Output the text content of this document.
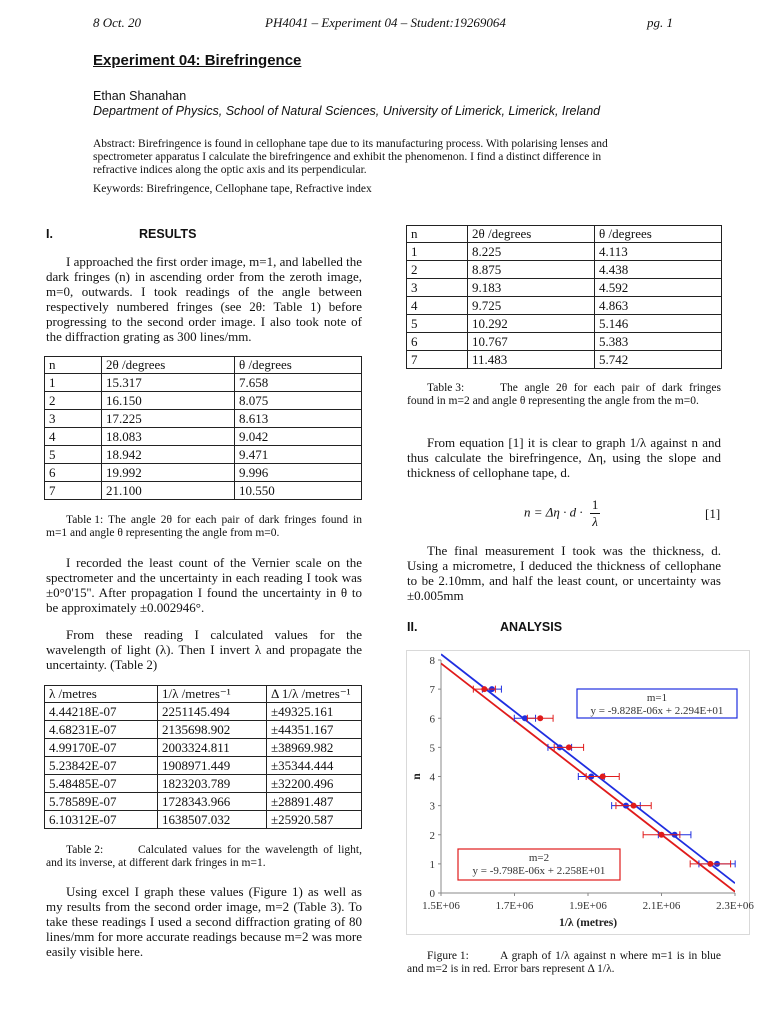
8 Oct. 20	PH4041 – Experiment 04 – Student:19269064	pg. 1
Experiment 04: Birefringence
Ethan Shanahan
Department of Physics, School of Natural Sciences, University of Limerick, Limerick, Ireland
Abstract: Birefringence is found in cellophane tape due to its manufacturing process. With polarising lenses and
spectrometer apparatus I calculate the birefringence and exhibit the phenomenon. I find a distinct difference in
refractive indices along the optic axis and its perpendicular.
Keywords: Birefringence, Cellophane tape, Refractive index
I.	RESULTS
I approached the first order image, m=1, and labelled the dark fringes (n) in ascending order from the zeroth image, m=0, outwards. I took readings of the angle between respectively numbered fringes (see 2θ: Table 1) before progressing to the second order image. I also took note of the diffraction grating as 300 lines/mm.
n	2θ /degrees	θ /degrees
1	15.317	7.658
2	16.150	8.075
3	17.225	8.613
4	18.083	9.042
5	18.942	9.471
6	19.992	9.996
7	21.100	10.550
Table 1: The angle 2θ for each pair of dark fringes found in m=1 and angle θ representing the angle from m=0.
I recorded the least count of the Vernier scale on the spectrometer and the uncertainty in each reading I took was ±0°0'15''. After propagation I found the uncertainty in θ to be approximately ±0.002946°.
From these reading I calculated values for the wavelength of light (λ). Then I invert λ and propagate the uncertainty. (Table 2)
λ /metres	1/λ /metres⁻¹	Δ 1/λ /metres⁻¹
4.44218E-07	2251145.494	±49325.161
4.68231E-07	2135698.902	±44351.167
4.99170E-07	2003324.811	±38969.982
5.23842E-07	1908971.449	±35344.444
5.48485E-07	1823203.789	±32200.496
5.78589E-07	1728343.966	±28891.487
6.10312E-07	1638507.032	±25920.587
Table 2:	Calculated values for the wavelength of light, and its inverse, at different dark fringes in m=1.
Using excel I graph these values (Figure 1) as well as my results from the second order image, m=2 (Table 3). To take these readings I used a second diffraction grating of 80 lines/mm for more accurate readings because m=2 was more easily visible here.
n	2θ /degrees	θ /degrees
1	8.225	4.113
2	8.875	4.438
3	9.183	4.592
4	9.725	4.863
5	10.292	5.146
6	10.767	5.383
7	11.483	5.742
Table 3:	The angle 2θ for each pair of dark fringes found in m=2 and angle θ representing the angle from the m=0.
From equation [1] it is clear to graph 1/λ against n and thus calculate the birefringence, Δη, using the slope and thickness of cellophane tape, d.
$n = \Delta\eta \cdot d \cdot \frac{1}{\lambda}$	[1]
The final measurement I took was the thickness, d. Using a micrometre, I deduced the thickness of cellophane to be 2.10mm, and half the least count, or uncertainty was ±0.005mm
II.	ANALYSIS
0
1
2
3
4
5
6
7
8
1.5E+06	1.7E+06	1.9E+06	2.1E+06	2.3E+06
1/λ (metres)
n
m=1
y = -9.828E-06x + 2.294E+01
m=2
y = -9.798E-06x + 2.258E+01
Figure 1:	A graph of 1/λ against n where m=1 is in blue and m=2 is in red. Error bars represent Δ 1/λ.
